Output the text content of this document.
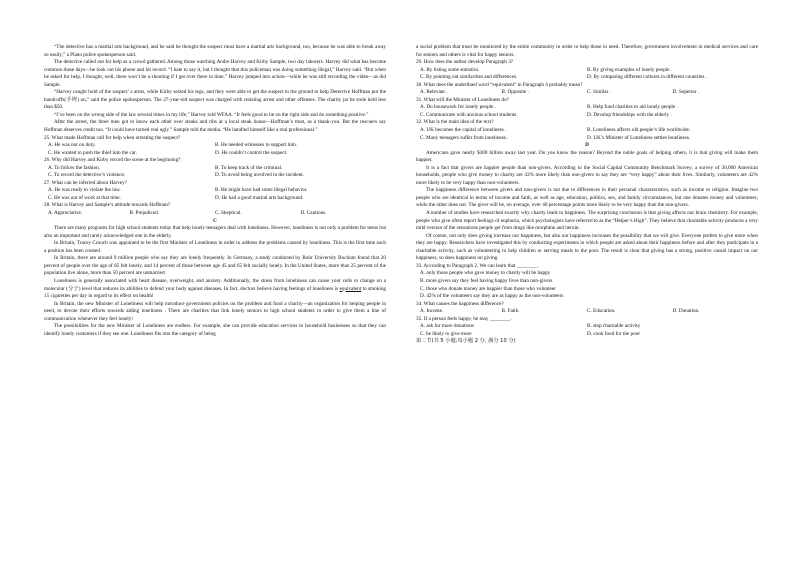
“The detective has a martial arts background, and he said he thought the suspect must have a martial arts background, too, because he was able to break away so easily,” a Plano police spokesperson said.

The detective called out for help as a crowd gathered. Among those watching Andre Harvey and Kirby Sample, two day laborers. Harvey did what has become common these days—he took out his phone and hit record. “I hate to say it, but I thought that this policeman was doing something illegal,” Harvey said. “But when he asked for help, I thought, well, there won’t be a shooting if I get over there in time.” Harvey jumped into action—while he was still recording the video—as did Sample.

“Harvey caught hold of the suspect’ s arms, while Kirby seized his legs, and they were able to get the suspect to the ground to help Detective Hoffman put the handcuffs(手铐) on,” said the police spokesperson. The 27-year-old suspect was charged with resisting arrest and other offenses. The charity jar he stole held less than $50.

“I’ve been on the wrong side of the law several times in my life,” Harvey told WFAA. “It feels good to be on the right side and do something positive.”

After the arrest, the three men got to know each other over steaks and ribs at a local steak house—Hoffman’s treat, as a thank-you. But the rescuers say Hoffman deserves credit too. “It could have turned real ugly.” Sample told the media. “He handled himself like a real professional.”

25. What made Hoffman call for help when arresting the suspect?

A. He was not on duty.	B. He needed witnesses to support him.
C. He wanted to push the thief into the car.	D. He couldn’t control the suspect.

26. Why did Harvey and Kirby record the scene at the beginning?

A. To follow the fashion.	B. To keep track of the criminal.
C. To record the detective’s violence.	D. To avoid being involved in the incident.

27. What can be inferred about Harvey?

A. He was ready to violate the law.	B. He might have had some illegal behavior.
C. He was out of work at that time.	D. He had a good martial arts background.

28. What is Harvey and Sample’s attitude towards Hoffman?

A. Appreciative.	B. Prejudiced.	C. Skeptical.	D. Cautious.

C

There are many programs for high school students today that help lonely teenagers deal with loneliness. However, loneliness is not only a problem for teens but also an important and rarely acknowledged one in the elderly.

In Britain, Tracey Crouch was appointed to be the first Minister of Loneliness in order to address the problems caused by loneliness. This is the first time such a position has been created.

In Britain, there are around 9 million people who say they are lonely frequently. In Germany, a study conducted by Ruhr University Bochum found that 20 percent of people over the age of 85 felt lonely, and 14 percent of those between age 45 and 65 felt socially lonely. In the United States, more than 25 percent of the population live alone, more than 50 percent are unmarried.

Loneliness is generally associated with heart disease, overweight, and anxiety. Additionally, the stress from loneliness can cause your cells to change on a molecular (分子) level that reduces its abilities to defend your body against diseases. In fact, doctors believe having feelings of loneliness is equivalent to smoking 15 cigarettes per day in regard to its effect on health!

In Britain, the new Minister of Loneliness will help introduce government policies on the problem and fund a charity—an organization for helping people in need, to devote their efforts towards aiding loneliness . There are charities that link lonely seniors to high school students in order to give them a line of communication whenever they feel lonely!

The possibilities for the new Minister of Loneliness are endless. For example, she can provide education services to household businesses so that they can identify lonely customers if they see one. Loneliness fits into the category of being

a social problem that must be monitored by the entire community in order to help those in need. Therefore, government involvement in medical services and care for seniors and others is vital for happy seniors.

29. How does the author develop Paragraph 3?

A. By listing some statistics.	B. By giving examples of lonely people .
C. By pointing out similarities and differences.	D. By comparing different cultures in different countries .

30. What does the underlined word “equivalent” in Paragraph 4 probably mean?

A. Relevant .	B. Opposite .	C. Similar .	D. Superior .

31. What will the Minister of Loneliness do?

A. Do housework for lonely people .	B. Help fund charities to aid lonely people .
C. Communicate with anxious school students.	D. Develop friendships with the elderly .

32. What is the main idea of the text?

A. UK becomes the capital of loneliness .	B. Loneliness affects old people’s life worldwide.
C. Many teenagers suffer from loneliness .	D. UK’s Minister of Loneliness settles loneliness.

D

Americans gave nearly $300 billion away last year. Do you know the reason? Beyond the noble goals of helping others, it is that giving will make them happier.

It is a fact that givers are happier people than non-givers. According to the Social Capital Community Benchmark Survey, a survey of 30,000 American households, people who give money to charity are 43% more likely than non-givers to say they are “very happy” about their lives. Similarly, volunteers are 42% more likely to be very happy than non-volunteers.

The happiness difference between givers and non-givers is not due to differences in their personal characteristics, such as income or religion. Imagine two people who are identical in terms of income and faith, as well as age, education, politics, sex, and family circumstances, but one donates money and volunteers, while the other does not. The giver will be, on average, over 40 percentage points more likely to be very happy than the non-givers.

A number of studies have researched exactly why charity leads to happiness. The surprising conclusion is that giving affects our brain chemistry. For example, people who give often report feelings of euphoria, which psychologists have referred to as the “Helper’s High”. They believe that charitable activity produces a very mild version of the sensations people get from drugs like morphine and heroin.

Of course, not only does giving increase our happiness, but also our happiness increases the possibility that we will give. Everyone prefers to give more when they are happy. Researchers have investigated this by conducting experiments in which people are asked about their happiness before and after they participate in a charitable activity, such as volunteering to help children or serving meals to the poor. The result is clear that giving has a strong, positive causal impact on our happiness, so does happiness on giving.

33. According to Paragraph 2, We can learn that ________.

A. only those people who gave money to charity will be happy

B. more givers say they feel having happy lives than non-givers

C. those who donate money are happier than those who volunteer

D. 42% of the volunteers say they are as happy as the non-volunteers

34. What causes the happiness difference?

A. Income.	B. Faith.	C. Education.	D. Donation.

35. If a person feels happy, he may ________.

A. ask for more donations	B. stop charitable activity
C. be likely to give more	D. cook food for the poor

第二节(共 5 小题;每小题 2 分, 满分 10 分)
